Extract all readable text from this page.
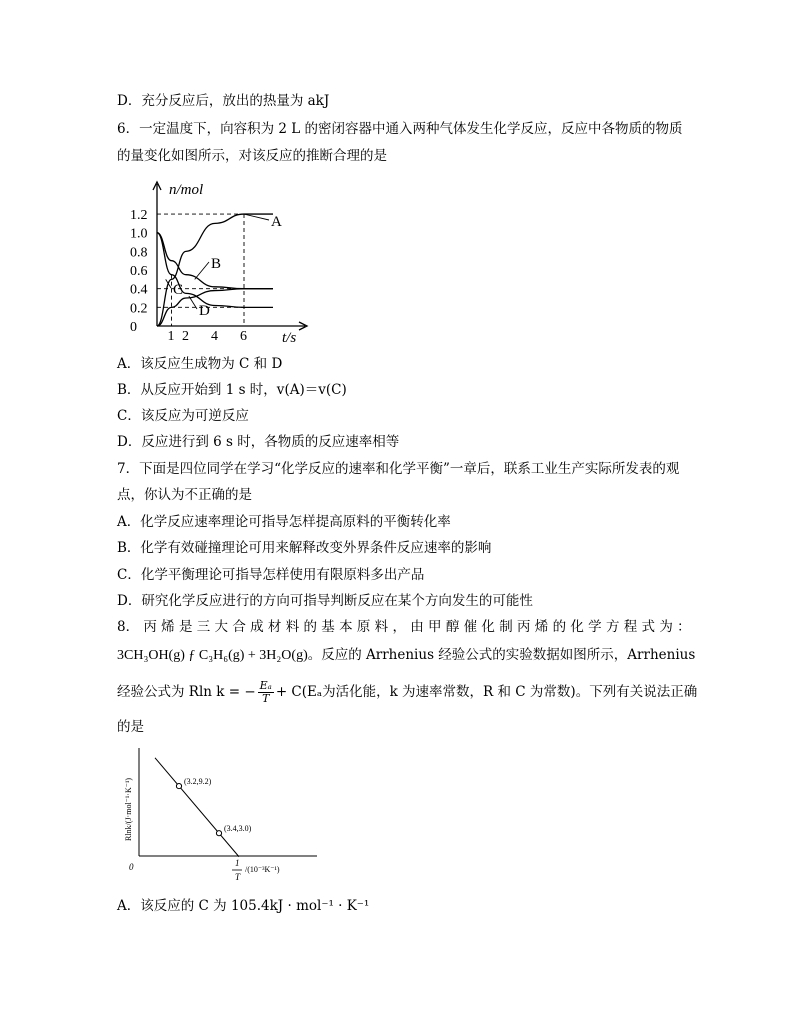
D．充分反应后，放出的热量为 akJ
6．一定温度下，向容积为 2 L 的密闭容器中通入两种气体发生化学反应，反应中各物质的物质
的量变化如图所示，对该反应的推断合理的是
n/mol
t/s
0
0.2
0.4
0.6
0.8
1.0
1.2
1 2 4 6
A
B
C
D
A．该反应生成物为 C 和 D
B．从反应开始到 1 s 时，v(A)＝v(C)
C．该反应为可逆反应
D．反应进行到 6 s 时，各物质的反应速率相等
7．下面是四位同学在学习“化学反应的速率和化学平衡”一章后，联系工业生产实际所发表的观
点，你认为不正确的是
A．化学反应速率理论可指导怎样提高原料的平衡转化率
B．化学有效碰撞理论可用来解释改变外界条件反应速率的影响
C．化学平衡理论可指导怎样使用有限原料多出产品
D．研究化学反应进行的方向可指导判断反应在某个方向发生的可能性
8． 丙 烯 是 三 大 合 成 材 料 的 基 本 原 料 ， 由 甲 醇 催 化 制 丙 烯 的 化 学 方 程 式 为 ：
3CH₃OH(g) ƒ C₃H₆(g) + 3H₂O(g)。反应的 Arrhenius 经验公式的实验数据如图所示，Arrhenius
经验公式为 Rln k = − $\frac{\text{Eₐ}}{T} + C(E_a$为活化能，k 为速率常数，R 和 C 为常数)。下列有关说法正确
的是
0
Rlnk/(J·mol⁻¹·K⁻¹)
T
1
/(10⁻³K⁻¹)
(3.2,9.2)
(3.4,3.0)
A．该反应的 C 为 105.4kJ · mol⁻¹ · K⁻¹
